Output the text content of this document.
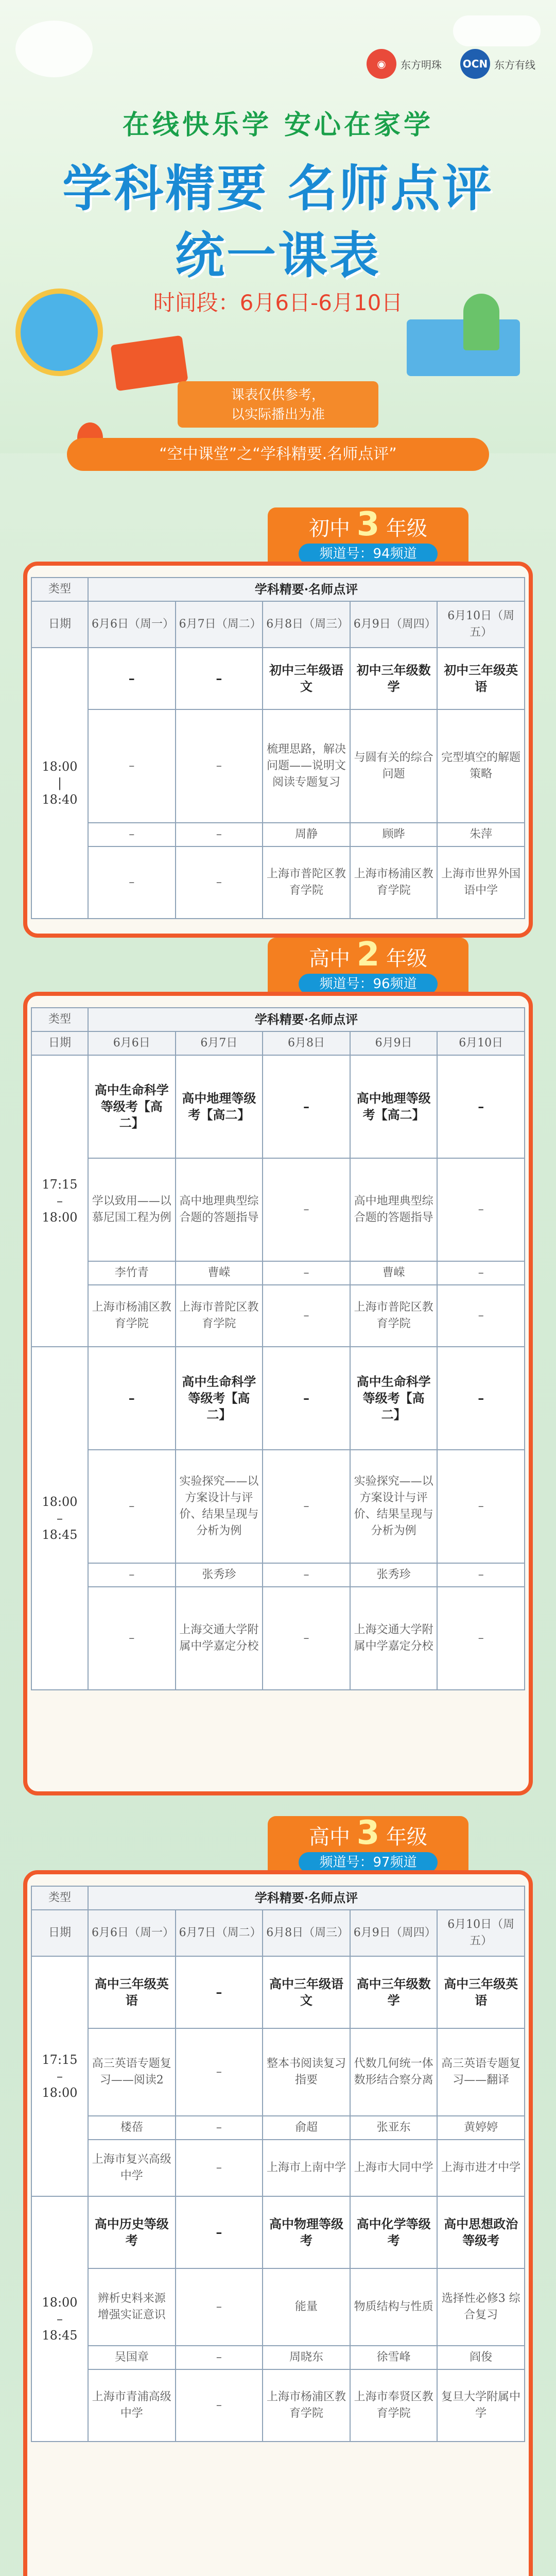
◉	东方明珠 OCN 东方有线
在线快乐学 安心在家学
学科精要 名师点评
统一课表
时间段：6月6日-6月10日
课表仅供参考，
以实际播出为准
“空中课堂”之“学科精要.名师点评”
初中 3 年级
频道号：94频道
类型	学科精要·名师点评				
日期	6月6日（周一）	6月7日（周二）	6月8日（周三）	6月9日（周四）	6月10日（周五）
18:00
|
18:40	–	–	初中三年级语文	初中三年级数学	初中三年级英语
	–	–	梳理思路，解决问题——说明文阅读专题复习	与圆有关的综合问题	完型填空的解题策略
	–	–	周静	顾晔	朱萍
	–	–	上海市普陀区教育学院	上海市杨浦区教育学院	上海市世界外国语中学
高中 2 年级
频道号：96频道
类型	学科精要·名师点评				
日期	6月6日	6月7日	6月8日	6月9日	6月10日
17:15
–
18:00	高中生命科学等级考【高二】	高中地理等级考【高二】	–	高中地理等级考【高二】	–
	学以致用——以慕尼国工程为例	高中地理典型综合题的答题指导	–	高中地理典型综合题的答题指导	–
	李竹青	曹嵘	–	曹嵘	–
	上海市杨浦区教育学院	上海市普陀区教育学院	–	上海市普陀区教育学院	–
18:00
–
18:45	–	高中生命科学等级考【高二】	–	高中生命科学等级考【高二】	–
	–	实验探究——以方案设计与评价、结果呈现与分析为例	–	实验探究——以方案设计与评价、结果呈现与分析为例	–
	–	张秀珍	–	张秀珍	–
	–	上海交通大学附属中学嘉定分校	–	上海交通大学附属中学嘉定分校	–
高中 3 年级
频道号：97频道
类型	学科精要·名师点评				
日期	6月6日（周一）	6月7日（周二）	6月8日（周三）	6月9日（周四）	6月10日（周五）
17:15
–
18:00	高中三年级英语	–	高中三年级语文	高中三年级数学	高中三年级英语
	高三英语专题复习——阅读2	–	整本书阅读复习指要	代数几何统一体 数形结合察分离	高三英语专题复习——翻译
	楼蓓	–	俞超	张亚东	黄婷婷
	上海市复兴高级中学	–	上海市上南中学	上海市大同中学	上海市进才中学
18:00
–
18:45	高中历史等级考	–	高中物理等级考	高中化学等级考	高中思想政治等级考
	辨析史料来源 增强实证意识	–	能量	物质结构与性质	选择性必修3 综合复习
	吴国章	–	周晓东	徐雪峰	阎俊
	上海市青浦高级中学	–	上海市杨浦区教育学院	上海市奉贤区教育学院	复旦大学附属中学
